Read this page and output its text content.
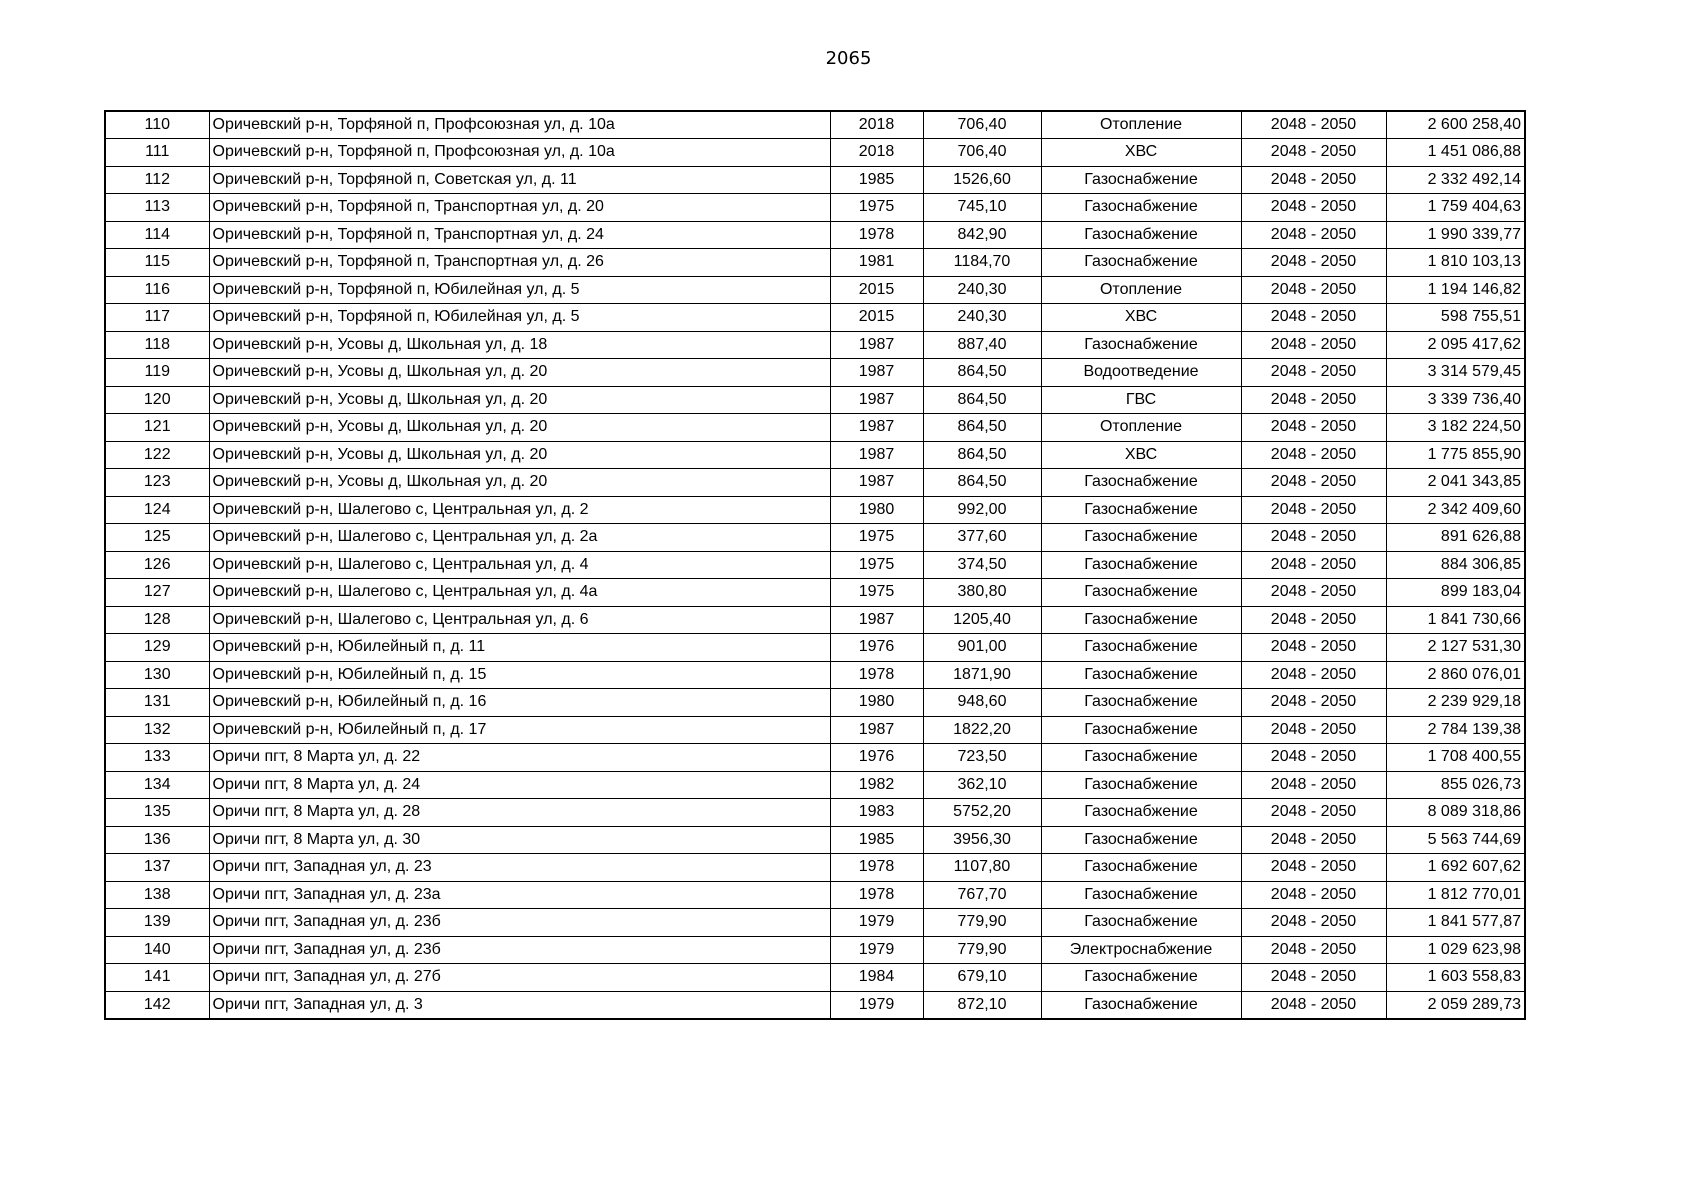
2065
110	Оричевский р-н, Торфяной п, Профсоюзная ул, д. 10а	2018	706,40	Отопление	2048 - 2050	2 600 258,40
111	Оричевский р-н, Торфяной п, Профсоюзная ул, д. 10а	2018	706,40	ХВС	2048 - 2050	1 451 086,88
112	Оричевский р-н, Торфяной п, Советская ул, д. 11	1985	1526,60	Газоснабжение	2048 - 2050	2 332 492,14
113	Оричевский р-н, Торфяной п, Транспортная ул, д. 20	1975	745,10	Газоснабжение	2048 - 2050	1 759 404,63
114	Оричевский р-н, Торфяной п, Транспортная ул, д. 24	1978	842,90	Газоснабжение	2048 - 2050	1 990 339,77
115	Оричевский р-н, Торфяной п, Транспортная ул, д. 26	1981	1184,70	Газоснабжение	2048 - 2050	1 810 103,13
116	Оричевский р-н, Торфяной п, Юбилейная ул, д. 5	2015	240,30	Отопление	2048 - 2050	1 194 146,82
117	Оричевский р-н, Торфяной п, Юбилейная ул, д. 5	2015	240,30	ХВС	2048 - 2050	598 755,51
118	Оричевский р-н, Усовы д, Школьная ул, д. 18	1987	887,40	Газоснабжение	2048 - 2050	2 095 417,62
119	Оричевский р-н, Усовы д, Школьная ул, д. 20	1987	864,50	Водоотведение	2048 - 2050	3 314 579,45
120	Оричевский р-н, Усовы д, Школьная ул, д. 20	1987	864,50	ГВС	2048 - 2050	3 339 736,40
121	Оричевский р-н, Усовы д, Школьная ул, д. 20	1987	864,50	Отопление	2048 - 2050	3 182 224,50
122	Оричевский р-н, Усовы д, Школьная ул, д. 20	1987	864,50	ХВС	2048 - 2050	1 775 855,90
123	Оричевский р-н, Усовы д, Школьная ул, д. 20	1987	864,50	Газоснабжение	2048 - 2050	2 041 343,85
124	Оричевский р-н, Шалегово с, Центральная ул, д. 2	1980	992,00	Газоснабжение	2048 - 2050	2 342 409,60
125	Оричевский р-н, Шалегово с, Центральная ул, д. 2а	1975	377,60	Газоснабжение	2048 - 2050	891 626,88
126	Оричевский р-н, Шалегово с, Центральная ул, д. 4	1975	374,50	Газоснабжение	2048 - 2050	884 306,85
127	Оричевский р-н, Шалегово с, Центральная ул, д. 4а	1975	380,80	Газоснабжение	2048 - 2050	899 183,04
128	Оричевский р-н, Шалегово с, Центральная ул, д. 6	1987	1205,40	Газоснабжение	2048 - 2050	1 841 730,66
129	Оричевский р-н, Юбилейный п, д. 11	1976	901,00	Газоснабжение	2048 - 2050	2 127 531,30
130	Оричевский р-н, Юбилейный п, д. 15	1978	1871,90	Газоснабжение	2048 - 2050	2 860 076,01
131	Оричевский р-н, Юбилейный п, д. 16	1980	948,60	Газоснабжение	2048 - 2050	2 239 929,18
132	Оричевский р-н, Юбилейный п, д. 17	1987	1822,20	Газоснабжение	2048 - 2050	2 784 139,38
133	Оричи пгт, 8 Марта ул, д. 22	1976	723,50	Газоснабжение	2048 - 2050	1 708 400,55
134	Оричи пгт, 8 Марта ул, д. 24	1982	362,10	Газоснабжение	2048 - 2050	855 026,73
135	Оричи пгт, 8 Марта ул, д. 28	1983	5752,20	Газоснабжение	2048 - 2050	8 089 318,86
136	Оричи пгт, 8 Марта ул, д. 30	1985	3956,30	Газоснабжение	2048 - 2050	5 563 744,69
137	Оричи пгт, Западная ул, д. 23	1978	1107,80	Газоснабжение	2048 - 2050	1 692 607,62
138	Оричи пгт, Западная ул, д. 23а	1978	767,70	Газоснабжение	2048 - 2050	1 812 770,01
139	Оричи пгт, Западная ул, д. 23б	1979	779,90	Газоснабжение	2048 - 2050	1 841 577,87
140	Оричи пгт, Западная ул, д. 23б	1979	779,90	Электроснабжение	2048 - 2050	1 029 623,98
141	Оричи пгт, Западная ул, д. 27б	1984	679,10	Газоснабжение	2048 - 2050	1 603 558,83
142	Оричи пгт, Западная ул, д. 3	1979	872,10	Газоснабжение	2048 - 2050	2 059 289,73
